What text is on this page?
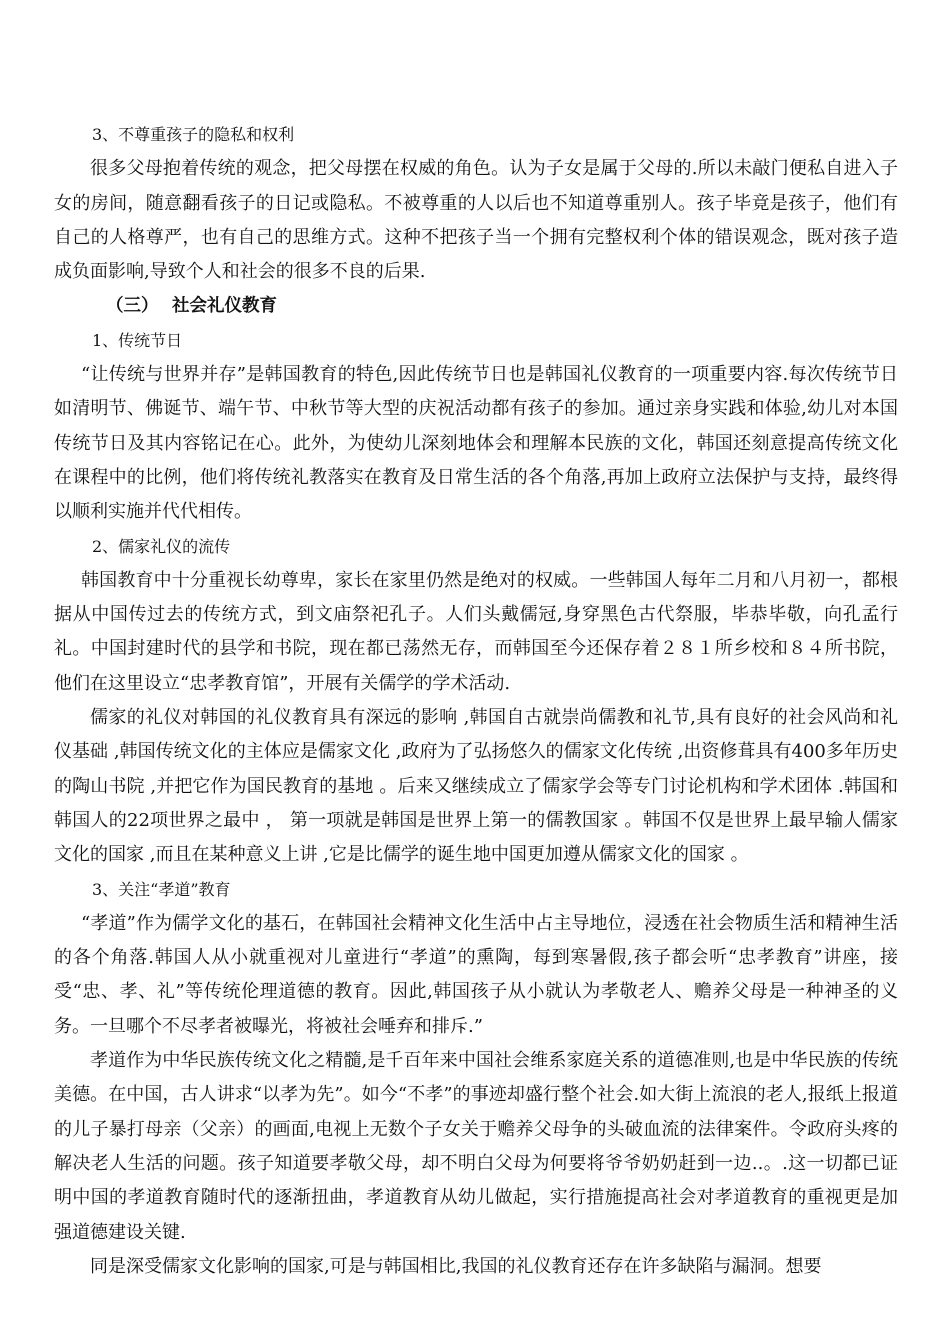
3、不尊重孩子的隐私和权利

很多父母抱着传统的观念，把父母摆在权威的角色。认为子女是属于父母的.所以未敲门便私自进入子女的房间，随意翻看孩子的日记或隐私。不被尊重的人以后也不知道尊重别人。孩子毕竟是孩子，他们有自己的人格尊严，也有自己的思维方式。这种不把孩子当一个拥有完整权利个体的错误观念，既对孩子造成负面影响,导致个人和社会的很多不良的后果.

（三） 社会礼仪教育

1、传统节日

“让传统与世界并存”是韩国教育的特色,因此传统节日也是韩国礼仪教育的一项重要内容.每次传统节日如清明节、佛诞节、端午节、中秋节等大型的庆祝活动都有孩子的参加。通过亲身实践和体验,幼儿对本国传统节日及其内容铭记在心。此外，为使幼儿深刻地体会和理解本民族的文化，韩国还刻意提高传统文化在课程中的比例，他们将传统礼教落实在教育及日常生活的各个角落,再加上政府立法保护与支持，最终得以顺利实施并代代相传。

2、儒家礼仪的流传

韩国教育中十分重视长幼尊卑，家长在家里仍然是绝对的权威。一些韩国人每年二月和八月初一，都根据从中国传过去的传统方式，到文庙祭祀孔子。人们头戴儒冠,身穿黑色古代祭服，毕恭毕敬，向孔孟行礼。中国封建时代的县学和书院，现在都已荡然无存，而韩国至今还保存着２８１所乡校和８４所书院，他们在这里设立“忠孝教育馆”，开展有关儒学的学术活动.

儒家的礼仪对韩国的礼仪教育具有深远的影响 ,韩国自古就崇尚儒教和礼节,具有良好的社会风尚和礼仪基础 ,韩国传统文化的主体应是儒家文化 ,政府为了弘扬悠久的儒家文化传统 ,出资修葺具有400多年历史的陶山书院 ,并把它作为国民教育的基地 。后来又继续成立了儒家学会等专门讨论机构和学术团体 .韩国和韩国人的22项世界之最中 ， 第一项就是韩国是世界上第一的儒教国家 。韩国不仅是世界上最早输人儒家文化的国家 ,而且在某种意义上讲 ,它是比儒学的诞生地中国更加遵从儒家文化的国家 。

3、关注“孝道”教育

“孝道”作为儒学文化的基石，在韩国社会精神文化生活中占主导地位，浸透在社会物质生活和精神生活的各个角落.韩国人从小就重视对儿童进行“孝道”的熏陶，每到寒暑假,孩子都会听“忠孝教育”讲座，接受“忠、孝、礼”等传统伦理道德的教育。因此,韩国孩子从小就认为孝敬老人、赡养父母是一种神圣的义务。一旦哪个不尽孝者被曝光，将被社会唾弃和排斥.”

孝道作为中华民族传统文化之精髓,是千百年来中国社会维系家庭关系的道德准则,也是中华民族的传统美德。在中国，古人讲求“以孝为先”。如今“不孝”的事迹却盛行整个社会.如大街上流浪的老人,报纸上报道的儿子暴打母亲（父亲）的画面,电视上无数个子女关于赡养父母争的头破血流的法律案件。令政府头疼的解决老人生活的问题。孩子知道要孝敬父母，却不明白父母为何要将爷爷奶奶赶到一边..。.这一切都已证明中国的孝道教育随时代的逐渐扭曲，孝道教育从幼儿做起，实行措施提高社会对孝道教育的重视更是加强道德建设关键.

同是深受儒家文化影响的国家,可是与韩国相比,我国的礼仪教育还存在许多缺陷与漏洞。想要
